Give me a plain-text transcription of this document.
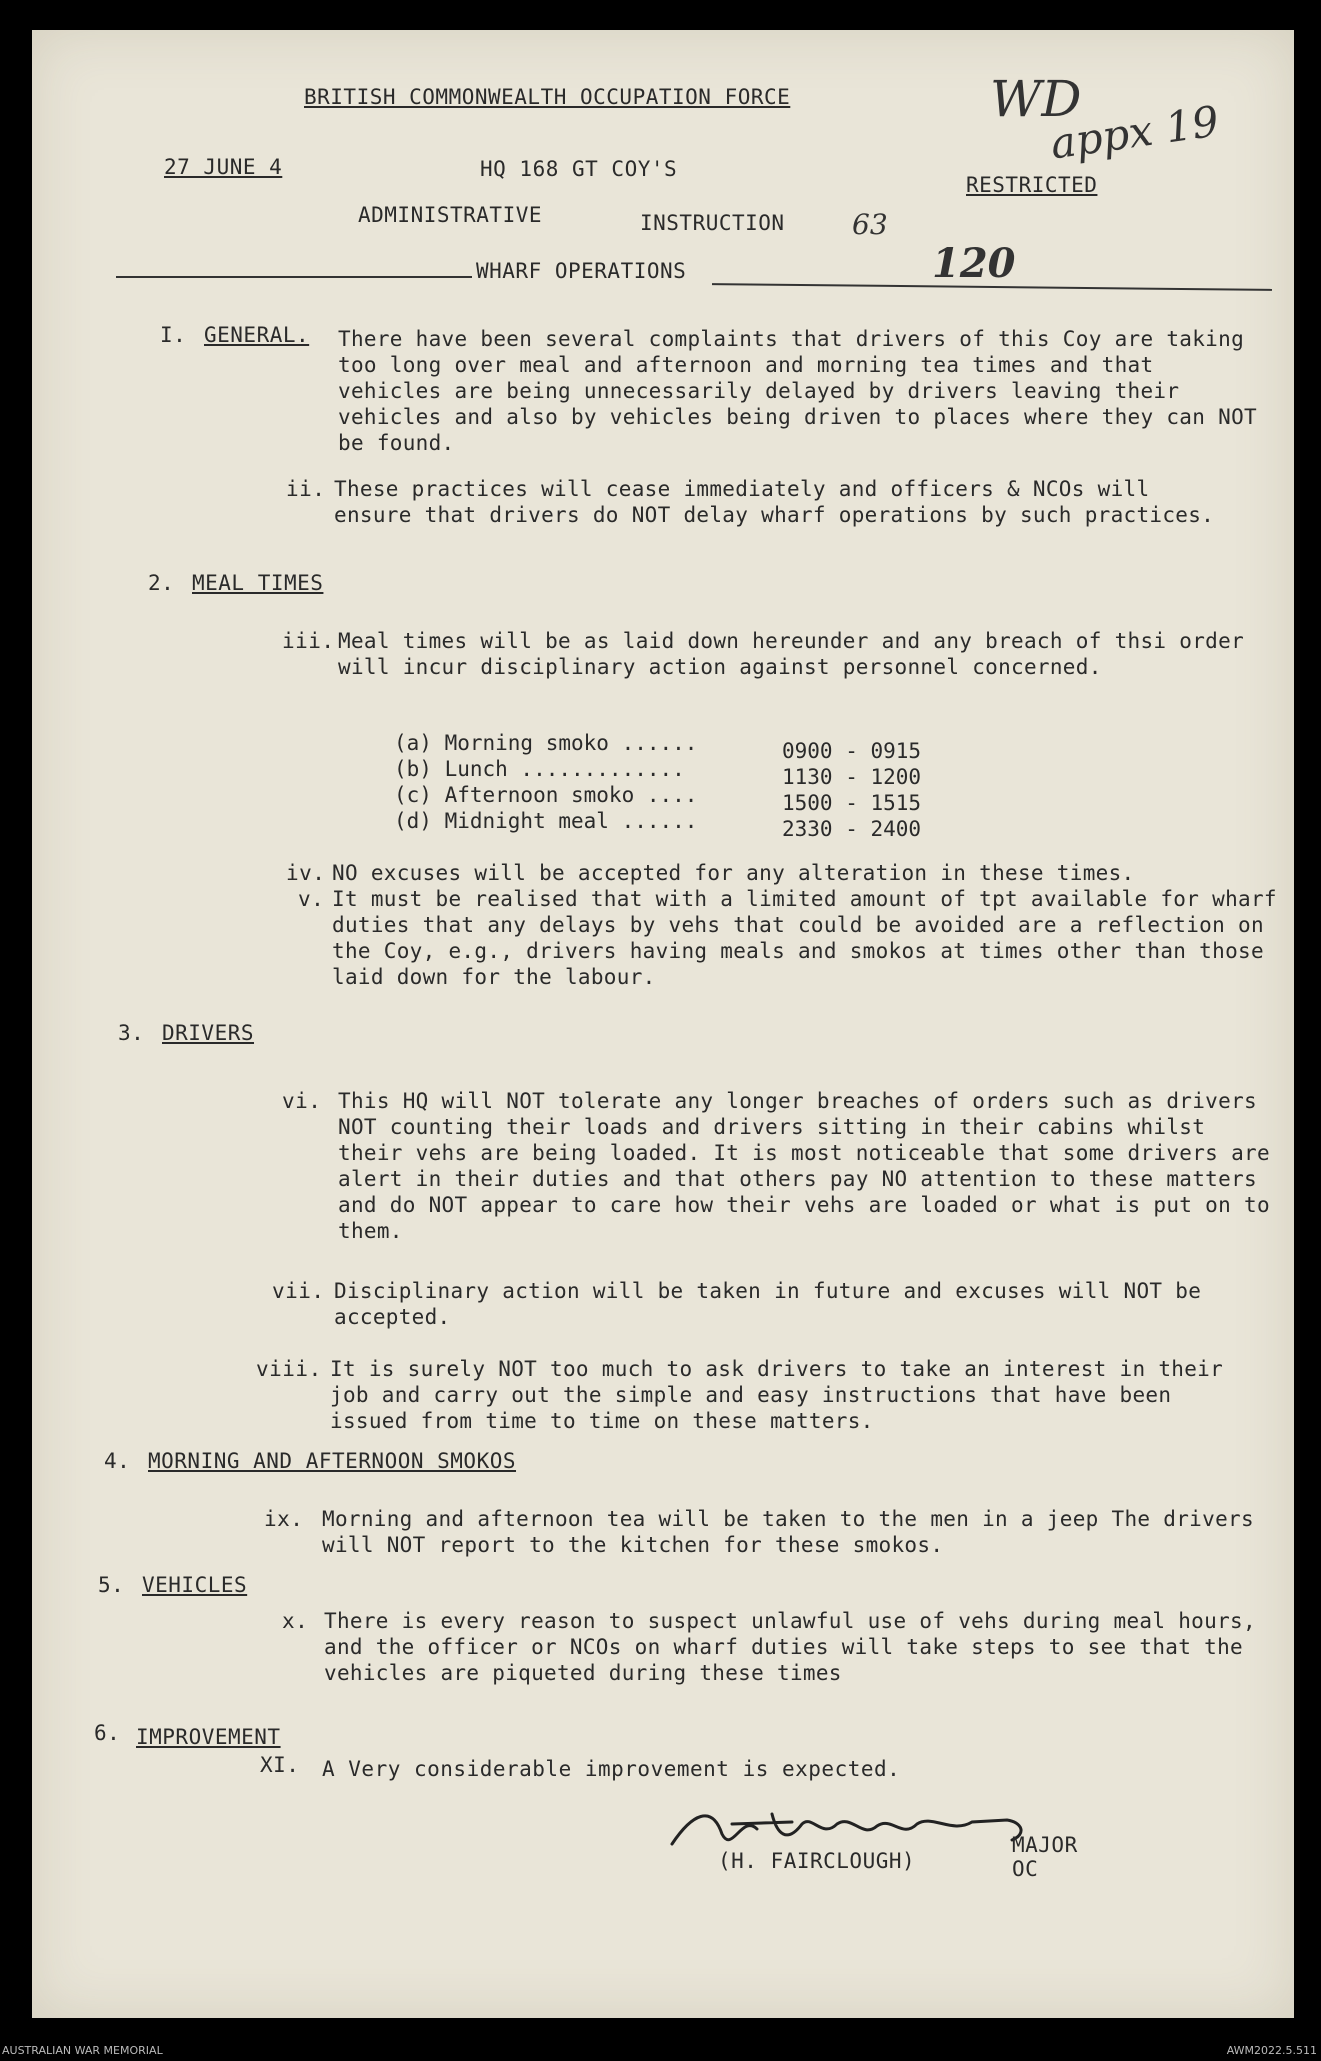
BRITISH COMMONWEALTH OCCUPATION FORCE	WD
appx 19
27 JUNE 4	HQ 168 GT COY'S
RESTRICTED
ADMINISTRATIVE	INSTRUCTION 63
WHARF OPERATIONS	120
I. GENERAL. There have been several complaints that drivers of this Coy are taking too long over meal and afternoon and morning tea times and that vehicles are being unnecessarily delayed by drivers leaving their vehicles and also by vehicles being driven to places where they can NOT be found.
ii. These practices will cease immediately and officers & NCOs will ensure that drivers do NOT delay wharf operations by such practices.
2. MEAL TIMES
iii. Meal times will be as laid down hereunder and any breach of thsi order will incur disciplinary action against personnel concerned.
(a) Morning smoko ......	0900 - 0915
(b) Lunch .............	1130 - 1200
(c) Afternoon smoko ....	1500 - 1515
(d) Midnight meal ......	2330 - 2400
iv. NO excuses will be accepted for any alteration in these times.
v. It must be realised that with a limited amount of tpt available for wharf duties that any delays by vehs that could be avoided are a reflection on the Coy, e.g., drivers having meals and smokos at times other than those laid down for the labour.
3. DRIVERS
vi. This HQ will NOT tolerate any longer breaches of orders such as drivers NOT counting their loads and drivers sitting in their cabins whilst their vehs are being loaded. It is most noticeable that some drivers are alert in their duties and that others pay NO attention to these matters and do NOT appear to care how their vehs are loaded or what is put on to them.
vii. Disciplinary action will be taken in future and excuses will NOT be accepted.
viii. It is surely NOT too much to ask drivers to take an interest in their job and carry out the simple and easy instructions that have been issued from time to time on these matters.
4. MORNING AND AFTERNOON SMOKOS
ix. Morning and afternoon tea will be taken to the men in a jeep The drivers will NOT report to the kitchen for these smokos.
5. VEHICLES
x. There is every reason to suspect unlawful use of vehs during meal hours, and the officer or NCOs on wharf duties will take steps to see that the vehicles are piqueted during these times
6. IMPROVEMENT
XI. A Very considerable improvement is expected.
(H. FAIRCLOUGH)
MAJOR
OC
AUSTRALIAN WAR MEMORIAL	AWM2022.5.511
